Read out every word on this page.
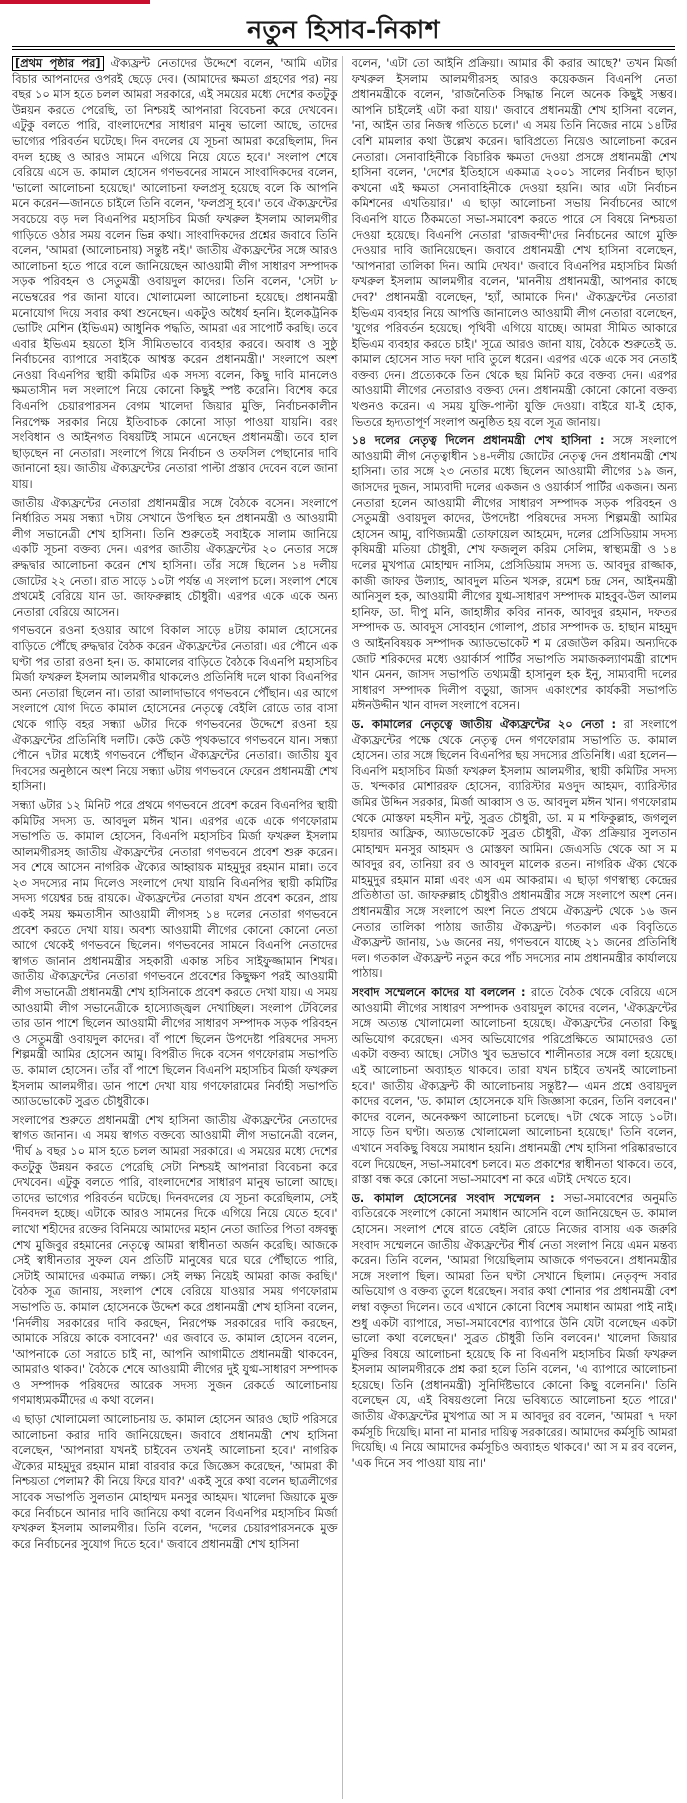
নতুন হিসাব-নিকাশ

[প্রথম পৃষ্ঠার পর] ঐক্যফ্রন্ট নেতাদের উদ্দেশে বলেন, 'আমি এটার বিচার আপনাদের ওপরই ছেড়ে দেব। (আমাদের ক্ষমতা গ্রহণের পর) নয় বছর ১০ মাস হতে চলল আমরা সরকারে, এই সময়ের মধ্যে দেশের কতটুকু উন্নয়ন করতে পেরেছি, তা নিশ্চয়ই আপনারা বিবেচনা করে দেখবেন। এটুকু বলতে পারি, বাংলাদেশের সাধারণ মানুষ ভালো আছে, তাদের ভাগ্যের পরিবর্তন ঘটেছে। দিন বদলের যে সূচনা আমরা করেছিলাম, দিন বদল হচ্ছে ও আরও সামনে এগিয়ে নিয়ে যেতে হবে।' সংলাপ শেষে বেরিয়ে এসে ড. কামাল হোসেন গণভবনের সামনে সাংবাদিকদের বলেন, 'ভালো আলোচনা হয়েছে।' আলোচনা ফলপ্রসূ হয়েছে বলে কি আপনি মনে করেন—জানতে চাইলে তিনি বলেন, 'ফলপ্রসূ হবে।' তবে ঐক্যফ্রন্টের সবচেয়ে বড় দল বিএনপির মহাসচিব মির্জা ফখরুল ইসলাম আলমগীর গাড়িতে ওঠার সময় বলেন ভিন্ন কথা। সাংবাদিকদের প্রশ্নের জবাবে তিনি বলেন, 'আমরা (আলোচনায়) সন্তুষ্ট নই।' জাতীয় ঐক্যফ্রন্টের সঙ্গে আরও আলোচনা হতে পারে বলে জানিয়েছেন আওয়ামী লীগ সাধারণ সম্পাদক সড়ক পরিবহন ও সেতুমন্ত্রী ওবায়দুল কাদের। তিনি বলেন, 'সেটা ৮ নভেম্বরের পর জানা যাবে। খোলামেলা আলোচনা হয়েছে। প্রধানমন্ত্রী মনোযোগ দিয়ে সবার কথা শুনেছেন। একটুও অধৈর্য হননি। ইলেকট্রনিক ভোটিং মেশিন (ইভিএম) আধুনিক পদ্ধতি, আমরা এর সাপোর্ট করছি। তবে এবার ইভিএম হয়তো ইসি সীমিতভাবে ব্যবহার করবে। অবাধ ও সুষ্ঠু নির্বাচনের ব্যাপারে সবাইকে আশ্বস্ত করেন প্রধানমন্ত্রী।' সংলাপে অংশ নেওয়া বিএনপির স্থায়ী কমিটির এক সদস্য বলেন, কিছু দাবি মানলেও ক্ষমতাসীন দল সংলাপে নিয়ে কোনো কিছুই স্পষ্ট করেনি। বিশেষ করে বিএনপি চেয়ারপারসন বেগম খালেদা জিয়ার মুক্তি, নির্বাচনকালীন নিরপেক্ষ সরকার নিয়ে ইতিবাচক কোনো সাড়া পাওয়া যায়নি। বরং সংবিধান ও আইনগত বিষয়টিই সামনে এনেছেন প্রধানমন্ত্রী। তবে হাল ছাড়ছেন না নেতারা। সংলাপে গিয়ে নির্বাচন ও তফসিল পেছানোর দাবি জানানো হয়। জাতীয় ঐক্যফ্রন্টের নেতারা পাল্টা প্রস্তাব দেবেন বলে জানা যায়।

জাতীয় ঐক্যফ্রন্টের নেতারা প্রধানমন্ত্রীর সঙ্গে বৈঠকে বসেন। সংলাপে নির্ধারিত সময় সন্ধ্যা ৭টায় সেখানে উপস্থিত হন প্রধানমন্ত্রী ও আওয়ামী লীগ সভানেত্রী শেখ হাসিনা। তিনি শুরুতেই সবাইকে সালাম জানিয়ে একটি সূচনা বক্তব্য দেন। এরপর জাতীয় ঐক্যফ্রন্টের ২০ নেতার সঙ্গে রুদ্ধদ্বার আলোচনা করেন শেখ হাসিনা। তাঁর সঙ্গে ছিলেন ১৪ দলীয় জোটের ২২ নেতা। রাত সাড়ে ১০টা পর্যন্ত এ সংলাপ চলে। সংলাপ শেষে প্রথমেই বেরিয়ে যান ডা. জাফরুল্লাহ চৌধুরী। এরপর একে একে অন্য নেতারা বেরিয়ে আসেন।

গণভবনে রওনা হওয়ার আগে বিকাল সাড়ে ৪টায় কামাল হোসেনের বাড়িতে পৌঁছে রুদ্ধদ্বার বৈঠক করেন ঐক্যফ্রন্টের নেতারা। এর পৌনে এক ঘণ্টা পর তারা রওনা হন। ড. কামালের বাড়িতে বৈঠকে বিএনপি মহাসচিব মির্জা ফখরুল ইসলাম আলমগীর থাকলেও প্রতিনিধি দলে থাকা বিএনপির অন্য নেতারা ছিলেন না। তারা আলাদাভাবে গণভবনে পৌঁছান। এর আগে সংলাপে যোগ দিতে কামাল হোসেনের নেতৃত্বে বেইলি রোডে তার বাসা থেকে গাড়ি বহর সন্ধ্যা ৬টার দিকে গণভবনের উদ্দেশে রওনা হয় ঐক্যফ্রন্টের প্রতিনিধি দলটি। কেউ কেউ পৃথকভাবে গণভবনে যান। সন্ধ্যা পৌনে ৭টার মধ্যেই গণভবনে পৌঁছান ঐক্যফ্রন্টের নেতারা। জাতীয় যুব দিবসের অনুষ্ঠানে অংশ নিয়ে সন্ধ্যা ৬টায় গণভবনে ফেরেন প্রধানমন্ত্রী শেখ হাসিনা।

সন্ধ্যা ৬টার ১২ মিনিট পরে প্রথমে গণভবনে প্রবেশ করেন বিএনপির স্থায়ী কমিটির সদস্য ড. আবদুল মঈন খান। এরপর একে একে গণফোরাম সভাপতি ড. কামাল হোসেন, বিএনপি মহাসচিব মির্জা ফখরুল ইসলাম আলমগীরসহ জাতীয় ঐক্যফ্রন্টের নেতারা গণভবনে প্রবেশ শুরু করেন। সব শেষে আসেন নাগরিক ঐক্যের আহ্বায়ক মাহমুদুর রহমান মান্না। তবে ২৩ সদস্যের নাম দিলেও সংলাপে দেখা যায়নি বিএনপির স্থায়ী কমিটির সদস্য গয়েশ্বর চন্দ্র রায়কে। ঐক্যফ্রন্টের নেতারা যখন প্রবেশ করেন, প্রায় একই সময় ক্ষমতাসীন আওয়ামী লীগসহ ১৪ দলের নেতারা গণভবনে প্রবেশ করতে দেখা যায়। অবশ্য আওয়ামী লীগের কোনো কোনো নেতা আগে থেকেই গণভবনে ছিলেন। গণভবনের সামনে বিএনপি নেতাদের স্বাগত জানান প্রধানমন্ত্রীর সহকারী একান্ত সচিব সাইফুজ্জামান শিখর। জাতীয় ঐক্যফ্রন্টের নেতারা গণভবনে প্রবেশের কিছুক্ষণ পরই আওয়ামী লীগ সভানেত্রী প্রধানমন্ত্রী শেখ হাসিনাকে প্রবেশ করতে দেখা যায়। এ সময় আওয়ামী লীগ সভানেত্রীকে হাস্যোজ্জ্বল দেখাচ্ছিল। সংলাপ টেবিলের তার ডান পাশে ছিলেন আওয়ামী লীগের সাধারণ সম্পাদক সড়ক পরিবহন ও সেতুমন্ত্রী ওবায়দুল কাদের। বাঁ পাশে ছিলেন উপদেষ্টা পরিষদের সদস্য শিল্পমন্ত্রী আমির হোসেন আমু। বিপরীত দিকে বসেন গণফোরাম সভাপতি ড. কামাল হোসেন। তাঁর বাঁ পাশে ছিলেন বিএনপি মহাসচিব মির্জা ফখরুল ইসলাম আলমগীর। ডান পাশে দেখা যায় গণফোরামের নির্বাহী সভাপতি অ্যাডভোকেট সুব্রত চৌধুরীকে।

সংলাপের শুরুতে প্রধানমন্ত্রী শেখ হাসিনা জাতীয় ঐক্যফ্রন্টের নেতাদের স্বাগত জানান। এ সময় স্বাগত বক্তব্যে আওয়ামী লীগ সভানেত্রী বলেন, 'দীর্ঘ ৯ বছর ১০ মাস হতে চলল আমরা সরকারে। এ সময়ের মধ্যে দেশের কতটুকু উন্নয়ন করতে পেরেছি সেটা নিশ্চয়ই আপনারা বিবেচনা করে দেখবেন। এটুকু বলতে পারি, বাংলাদেশের সাধারণ মানুষ ভালো আছে। তাদের ভাগ্যের পরিবর্তন ঘটেছে। দিনবদলের যে সূচনা করেছিলাম, সেই দিনবদল হচ্ছে। এটাকে আরও সামনের দিকে এগিয়ে নিয়ে যেতে হবে।' লাখো শহীদের রক্তের বিনিময়ে আমাদের মহান নেতা জাতির পিতা বঙ্গবন্ধু শেখ মুজিবুর রহমানের নেতৃত্বে আমরা স্বাধীনতা অর্জন করেছি। আজকে সেই স্বাধীনতার সুফল যেন প্রতিটি মানুষের ঘরে ঘরে পৌঁছাতে পারি, সেটাই আমাদের একমাত্র লক্ষ্য। সেই লক্ষ্য নিয়েই আমরা কাজ করছি।' বৈঠক সূত্র জানায়, সংলাপ শেষে বেরিয়ে যাওয়ার সময় গণফোরাম সভাপতি ড. কামাল হোসেনকে উদ্দেশ করে প্রধানমন্ত্রী শেখ হাসিনা বলেন, 'নির্দলীয় সরকারের দাবি করছেন, নিরপেক্ষ সরকারের দাবি করছেন, আমাকে সরিয়ে কাকে বসাবেন?' এর জবাবে ড. কামাল হোসেন বলেন, 'আপনাকে তো সরাতে চাই না, আপনি আগামীতে প্রধানমন্ত্রী থাকবেন, আমরাও থাকব।' বৈঠকে শেষে আওয়ামী লীগের দুই যুগ্ম-সাধারণ সম্পাদক ও সম্পাদক পরিষদের আরেক সদস্য সুজন রেকর্ডে আলোচনায় গণমাধ্যমকর্মীদের এ কথা বলেন।

এ ছাড়া খোলামেলা আলোচনায় ড. কামাল হোসেন আরও ছোট পরিসরে আলোচনা করার দাবি জানিয়েছেন। জবাবে প্রধানমন্ত্রী শেখ হাসিনা বলেছেন, 'আপনারা যখনই চাইবেন তখনই আলোচনা হবে।' নাগরিক ঐক্যের মাহমুদুর রহমান মান্না বারবার করে জিজ্ঞেস করেছেন, 'আমরা কী নিশ্চয়তা পেলাম? কী নিয়ে ফিরে যাব?' একই সুরে কথা বলেন ছাত্রলীগের সাবেক সভাপতি সুলতান মোহাম্মদ মনসুর আহমদ। খালেদা জিয়াকে মুক্ত করে নির্বাচনে আনার দাবি জানিয়ে কথা বলেন বিএনপির মহাসচিব মির্জা ফখরুল ইসলাম আলমগীর। তিনি বলেন, 'দলের চেয়ারপারসনকে মুক্ত করে নির্বাচনের সুযোগ দিতে হবে।' জবাবে প্রধানমন্ত্রী শেখ হাসিনা

বলেন, 'এটা তো আইনি প্রক্রিয়া। আমার কী করার আছে?' তখন মির্জা ফখরুল ইসলাম আলমগীরসহ আরও কয়েকজন বিএনপি নেতা প্রধানমন্ত্রীকে বলেন, 'রাজনৈতিক সিদ্ধান্ত নিলে অনেক কিছুই সম্ভব। আপনি চাইলেই এটা করা যায়।' জবাবে প্রধানমন্ত্রী শেখ হাসিনা বলেন, 'না, আইন তার নিজস্ব গতিতে চলে।' এ সময় তিনি নিজের নামে ১৪টির বেশি মামলার কথা উল্লেখ করেন। দ্বাবিপ্রত্যে নিয়েও আলোচনা করেন নেতারা। সেনাবাহিনীকে বিচারিক ক্ষমতা দেওয়া প্রসঙ্গে প্রধানমন্ত্রী শেখ হাসিনা বলেন, 'দেশের ইতিহাসে একমাত্র ২০০১ সালের নির্বাচন ছাড়া কখনো এই ক্ষমতা সেনাবাহিনীকে দেওয়া হয়নি। আর এটা নির্বাচন কমিশনের এখতিয়ার।' এ ছাড়া আলোচনা সভায় নির্বাচনের আগে বিএনপি যাতে ঠিকমতো সভা-সমাবেশ করতে পারে সে বিষয়ে নিশ্চয়তা দেওয়া হয়েছে। বিএনপি নেতারা 'রাজবন্দী'দের নির্বাচনের আগে মুক্তি দেওয়ার দাবি জানিয়েছেন। জবাবে প্রধানমন্ত্রী শেখ হাসিনা বলেছেন, 'আপনারা তালিকা দিন। আমি দেখব।' জবাবে বিএনপির মহাসচিব মির্জা ফখরুল ইসলাম আলমগীর বলেন, 'মাননীয় প্রধানমন্ত্রী, আপনার কাছে দেব?' প্রধানমন্ত্রী বলেছেন, 'হ্যাঁ, আমাকে দিন।' ঐক্যফ্রন্টের নেতারা ইভিএম ব্যবহার নিয়ে আপত্তি জানালেও আওয়ামী লীগ নেতারা বলেছেন, 'যুগের পরিবর্তন হয়েছে। পৃথিবী এগিয়ে যাচ্ছে। আমরা সীমিত আকারে ইভিএম ব্যবহার করতে চাই।' সূত্রে আরও জানা যায়, বৈঠকে শুরুতেই ড. কামাল হোসেন সাত দফা দাবি তুলে ধরেন। এরপর একে একে সব নেতাই বক্তব্য দেন। প্রত্যেককে তিন থেকে ছয় মিনিট করে বক্তব্য দেন। এরপর আওয়ামী লীগের নেতারাও বক্তব্য দেন। প্রধানমন্ত্রী কোনো কোনো বক্তব্য খণ্ডনও করেন। এ সময় যুক্তি-পাল্টা যুক্তি দেওয়া। বাইরে যা-ই হোক, ভিতরে হৃদ্যতাপূর্ণ সংলাপ অনুষ্ঠিত হয় বলে সূত্র জানায়।

১৪ দলের নেতৃত্ব দিলেন প্রধানমন্ত্রী শেখ হাসিনা : সঙ্গে সংলাপে আওয়ামী লীগ নেতৃত্বাধীন ১৪-দলীয় জোটের নেতৃত্ব দেন প্রধানমন্ত্রী শেখ হাসিনা। তার সঙ্গে ২৩ নেতার মধ্যে ছিলেন আওয়ামী লীগের ১৯ জন, জাসদের দুজন, সাম্যবাদী দলের একজন ও ওয়ার্কার্স পার্টির একজন। অন্য নেতারা হলেন আওয়ামী লীগের সাধারণ সম্পাদক সড়ক পরিবহন ও সেতুমন্ত্রী ওবায়দুল কাদের, উপদেষ্টা পরিষদের সদস্য শিল্পমন্ত্রী আমির হোসেন আমু, বাণিজ্যমন্ত্রী তোফায়েল আহমেদ, দলের প্রেসিডিয়াম সদস্য কৃষিমন্ত্রী মতিয়া চৌধুরী, শেখ ফজলুল করিম সেলিম, স্বাস্থ্যমন্ত্রী ও ১৪ দলের মুখপাত্র মোহাম্মদ নাসিম, প্রেসিডিয়াম সদস্য ড. আবদুর রাজ্জাক, কাজী জাফর উল্যাহ, আবদুল মতিন খসরু, রমেশ চন্দ্র সেন, আইনমন্ত্রী আনিসুল হক, আওয়ামী লীগের যুগ্ম-সাধারণ সম্পাদক মাহবুব-উল আলম হানিফ, ডা. দীপু মনি, জাহাঙ্গীর কবির নানক, আবদুর রহমান, দফতর সম্পাদক ড. আবদুস সোবহান গোলাপ, প্রচার সম্পাদক ড. হাছান মাহমুদ ও আইনবিষয়ক সম্পাদক অ্যাডভোকেট শ ম রেজাউল করিম। অন্যদিকে জোট শরিকদের মধ্যে ওয়ার্কার্স পার্টির সভাপতি সমাজকল্যাণমন্ত্রী রাশেদ খান মেনন, জাসদ সভাপতি তথ্যমন্ত্রী হাসানুল হক ইনু, সাম্যবাদী দলের সাধারণ সম্পাদক দিলীপ বড়ুয়া, জাসদ একাংশের কার্যকরী সভাপতি মঈনউদ্দীন খান বাদল সংলাপে বসেন।

ড. কামালের নেতৃত্বে জাতীয় ঐক্যফ্রন্টের ২০ নেতা : রা সংলাপে ঐক্যফ্রন্টের পক্ষে থেকে নেতৃত্ব দেন গণফোরাম সভাপতি ড. কামাল হোসেন। তার সঙ্গে ছিলেন বিএনপির ছয় সদস্যের প্রতিনিধি। এরা হলেন—বিএনপি মহাসচিব মির্জা ফখরুল ইসলাম আলমগীর, স্থায়ী কমিটির সদস্য ড. খন্দকার মোশাররফ হোসেন, ব্যারিস্টার মওদুদ আহমদ, ব্যারিস্টার জমির উদ্দিন সরকার, মির্জা আব্বাস ও ড. আবদুল মঈন খান। গণফোরাম থেকে মোস্তফা মহসীন মন্টু, সুব্রত চৌধুরী, ডা. ম ম শফিকুল্লাহ, জগলুল হায়দার আফ্রিক, অ্যাডভোকেট সুব্রত চৌধুরী, ঐক্য প্রক্রিয়ার সুলতান মোহাম্মদ মনসুর আহমদ ও মোস্তফা আমিন। জেএসডি থেকে আ স ম আবদুর রব, তানিয়া রব ও আবদুল মালেক রতন। নাগরিক ঐক্য থেকে মাহমুদুর রহমান মান্না এবং এস এম আকরাম। এ ছাড়া গণস্বাস্থ্য কেন্দ্রের প্রতিষ্ঠাতা ডা. জাফরুল্লাহ চৌধুরীও প্রধানমন্ত্রীর সঙ্গে সংলাপে অংশ নেন। প্রধানমন্ত্রীর সঙ্গে সংলাপে অংশ নিতে প্রথমে ঐক্যফ্রন্ট থেকে ১৬ জন নেতার তালিকা পাঠায় জাতীয় ঐক্যফ্রন্ট। গতকাল এক বিবৃতিতে ঐক্যফ্রন্ট জানায়, ১৬ জনের নয়, গণভবনে যাচ্ছে ২১ জনের প্রতিনিধি দল। গতকাল ঐক্যফ্রন্ট নতুন করে পাঁচ সদস্যের নাম প্রধানমন্ত্রীর কার্যালয়ে পাঠায়।

সংবাদ সম্মেলনে কাদের যা বললেন : রাতে বৈঠক থেকে বেরিয়ে এসে আওয়ামী লীগের সাধারণ সম্পাদক ওবায়দুল কাদের বলেন, 'ঐক্যফ্রন্টের সঙ্গে অত্যন্ত খোলামেলা আলোচনা হয়েছে। ঐক্যফ্রন্টের নেতারা কিছু অভিযোগ করেছেন। এসব অভিযোগের পরিপ্রেক্ষিতে আমাদেরও তো একটা বক্তব্য আছে। সেটাও খুব ভদ্রভাবে শালীনতার সঙ্গে বলা হয়েছে। এই আলোচনা অব্যাহত থাকবে। তারা যখন চাইবে তখনই আলোচনা হবে।' জাতীয় ঐক্যফ্রন্ট কী আলোচনায় সন্তুষ্ট?— এমন প্রশ্নে ওবায়দুল কাদের বলেন, 'ড. কামাল হোসেনকে যদি জিজ্ঞাসা করেন, তিনি বলবেন।' কাদের বলেন, অনেকক্ষণ আলোচনা চলেছে। ৭টা থেকে সাড়ে ১০টা। সাড়ে তিন ঘণ্টা। অত্যন্ত খোলামেলা আলোচনা হয়েছে।' তিনি বলেন, এখানে সবকিছু বিষয়ে সমাধান হয়নি। প্রধানমন্ত্রী শেখ হাসিনা পরিষ্কারভাবে বলে দিয়েছেন, সভা-সমাবেশ চলবে। মত প্রকাশের স্বাধীনতা থাকবে। তবে, রাস্তা বন্ধ করে কোনো সভা-সমাবেশ না করে এটাই দেখতে হবে।

ড. কামাল হোসেনের সংবাদ সম্মেলন : সভা-সমাবেশের অনুমতি ব্যতিরেকে সংলাপে কোনো সমাধান আসেনি বলে জানিয়েছেন ড. কামাল হোসেন। সংলাপ শেষে রাতে বেইলি রোডে নিজের বাসায় এক জরুরি সংবাদ সম্মেলনে জাতীয় ঐক্যফ্রন্টের শীর্ষ নেতা সংলাপ নিয়ে এমন মন্তব্য করেন। তিনি বলেন, 'আমরা গিয়েছিলাম আজকে গণভবনে। প্রধানমন্ত্রীর সঙ্গে সংলাপ ছিল। আমরা তিন ঘণ্টা সেখানে ছিলাম। নেতৃবৃন্দ সবার অভিযোগ ও বক্তব্য তুলে ধরেছেন। সবার কথা শোনার পর প্রধানমন্ত্রী বেশ লম্বা বক্তৃতা দিলেন। তবে এখানে কোনো বিশেষ সমাধান আমরা পাই নাই। শুধু একটা ব্যাপারে, সভা-সমাবেশের ব্যাপারে উনি যেটা বলেছেন একটা ভালো কথা বলেছেন।' সুব্রত চৌধুরী তিনি বলবেন।' খালেদা জিয়ার মুক্তির বিষয়ে আলোচনা হয়েছে কি না বিএনপি মহাসচিব মির্জা ফখরুল ইসলাম আলমগীরকে প্রশ্ন করা হলে তিনি বলেন, 'এ ব্যাপারে আলোচনা হয়েছে। তিনি (প্রধানমন্ত্রী) সুনির্দিষ্টভাবে কোনো কিছু বলেননি।' তিনি বলেছেন যে, এই বিষয়গুলো নিয়ে ভবিষ্যতে আলোচনা হতে পারে।' জাতীয় ঐক্যফ্রন্টের মুখপাত্র আ স ম আবদুর রব বলেন, 'আমরা ৭ দফা কর্মসূচি দিয়েছি। মানা না মানার দায়িত্ব সরকারের। আমাদের কর্মসূচি আমরা দিয়েছি। এ নিয়ে আমাদের কর্মসূচিও অব্যাহত থাকবে।' আ স ম রব বলেন, 'এক দিনে সব পাওয়া যায় না।'
